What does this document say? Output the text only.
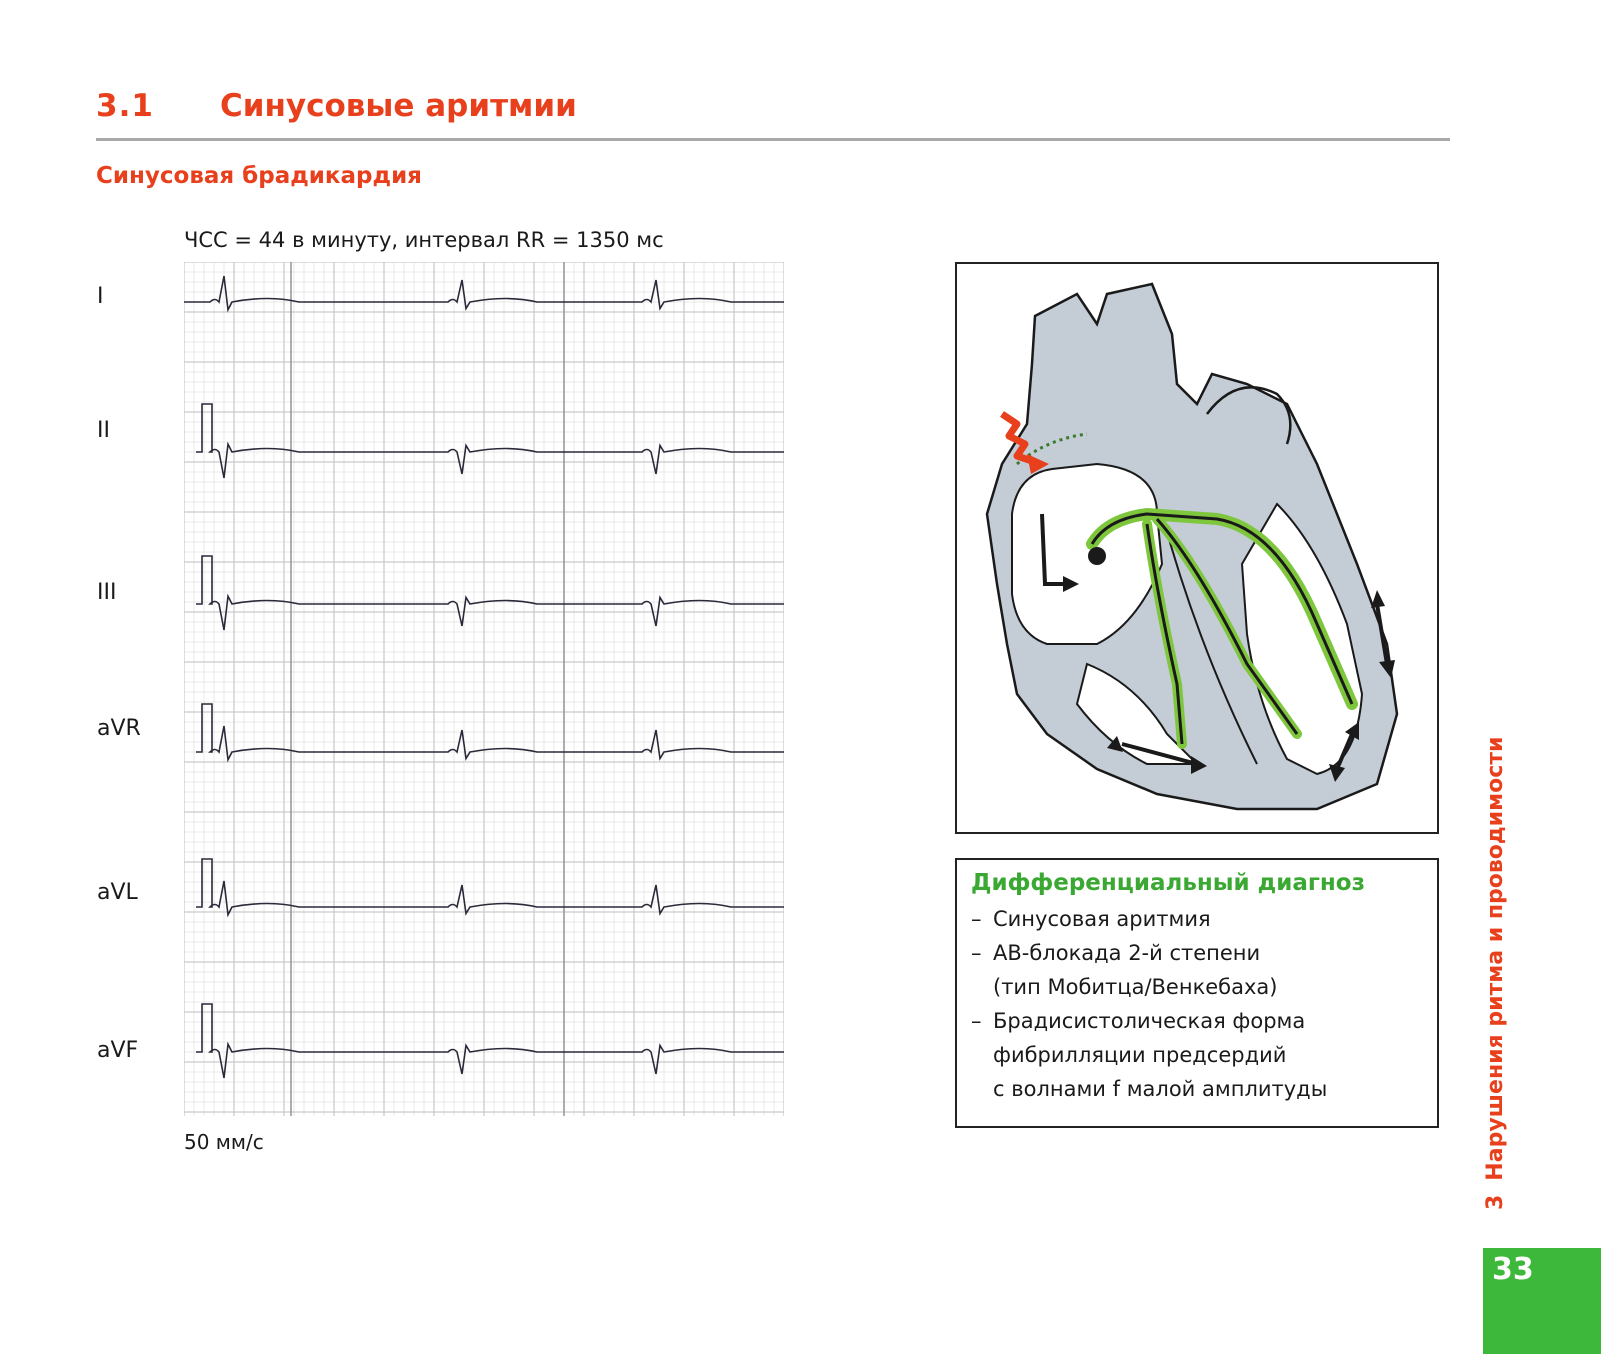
3.1 Синусовые аритмии
Синусовая брадикардия
ЧСС = 44 в минуту, интервал RR = 1350 мс
I
II
III
aVR
aVL
aVF
50 мм/с
Дифференциальный диагноз
– Синусовая аритмия
– АВ-блокада 2-й степени
(тип Мобитца/Венкебаха)
– Брадисистолическая форма
фибрилляции предсердий
с волнами f малой амплитуды
3Нарушения ритма и проводимости
33
